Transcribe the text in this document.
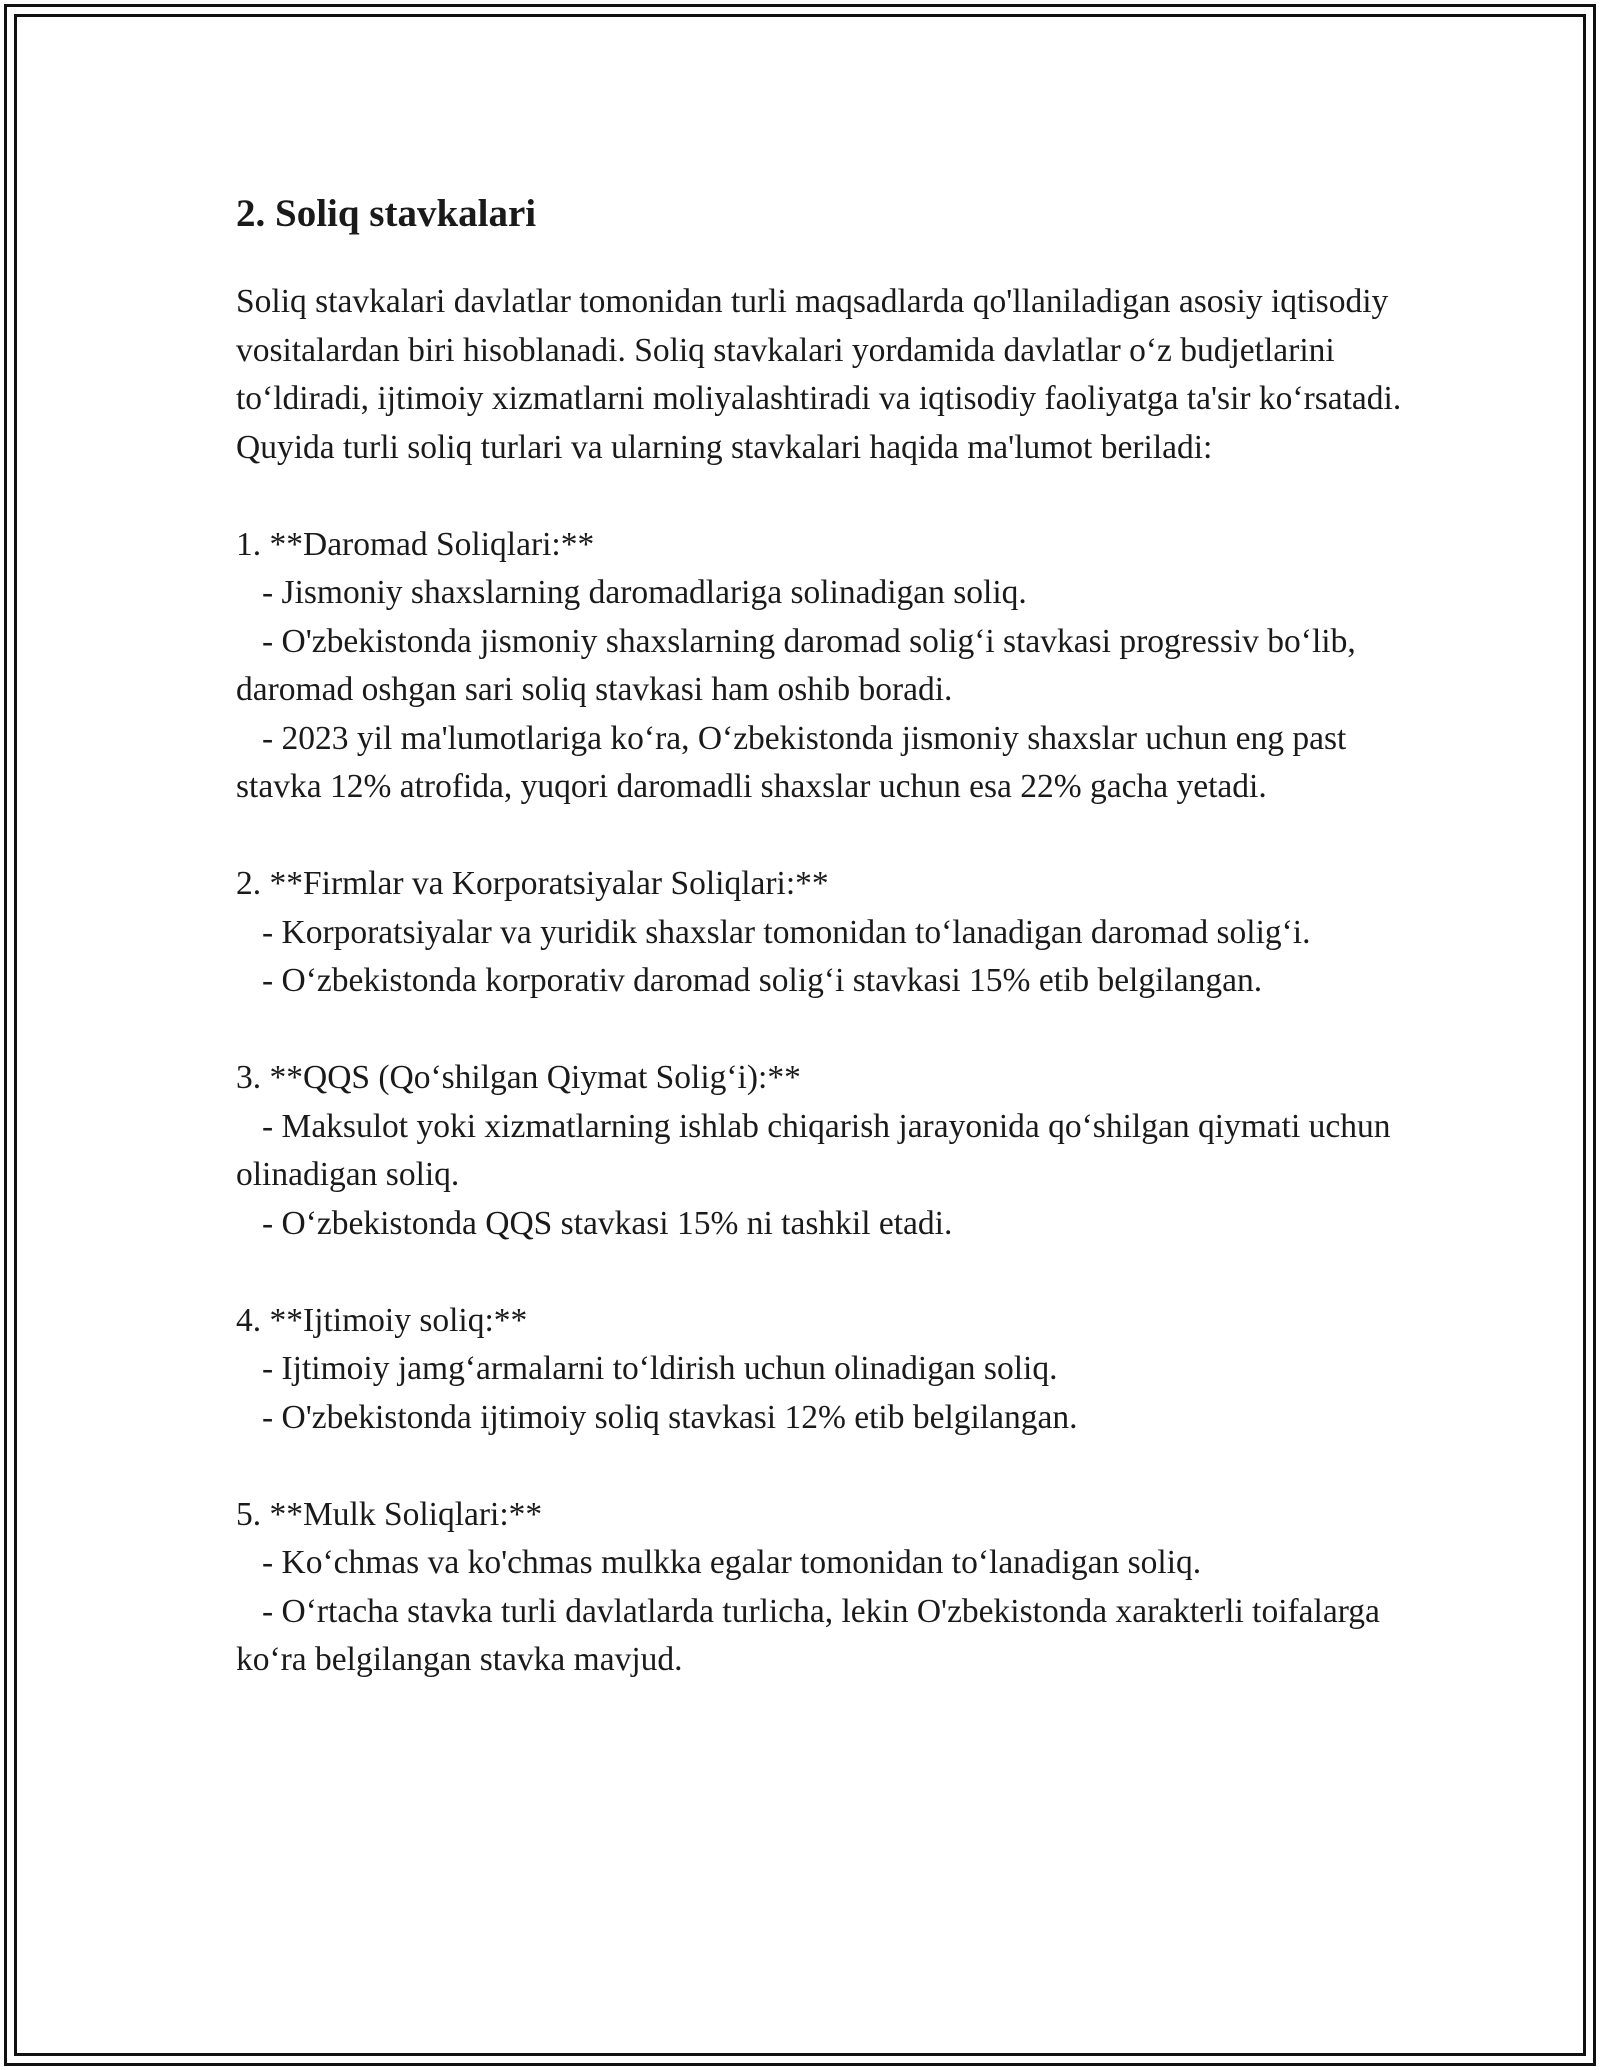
2. Soliq stavkalari

Soliq stavkalari davlatlar tomonidan turli maqsadlarda qo'llaniladigan asosiy iqtisodiy vositalardan biri hisoblanadi. Soliq stavkalari yordamida davlatlar o‘z budjetlarini to‘ldiradi, ijtimoiy xizmatlarni moliyalashtiradi va iqtisodiy faoliyatga ta'sir ko‘rsatadi. Quyida turli soliq turlari va ularning stavkalari haqida ma'lumot beriladi:

1. **Daromad Soliqlari:**

- Jismoniy shaxslarning daromadlariga solinadigan soliq.

- O'zbekistonda jismoniy shaxslarning daromad solig‘i stavkasi progressiv bo‘lib, daromad oshgan sari soliq stavkasi ham oshib boradi.

- 2023 yil ma'lumotlariga ko‘ra, O‘zbekistonda jismoniy shaxslar uchun eng past stavka 12% atrofida, yuqori daromadli shaxslar uchun esa 22% gacha yetadi.

2. **Firmlar va Korporatsiyalar Soliqlari:**

- Korporatsiyalar va yuridik shaxslar tomonidan to‘lanadigan daromad solig‘i.

- O‘zbekistonda korporativ daromad solig‘i stavkasi 15% etib belgilangan.

3. **QQS (Qo‘shilgan Qiymat Solig‘i):**

- Maksulot yoki xizmatlarning ishlab chiqarish jarayonida qo‘shilgan qiymati uchun olinadigan soliq.

- O‘zbekistonda QQS stavkasi 15% ni tashkil etadi.

4. **Ijtimoiy soliq:**

- Ijtimoiy jamg‘armalarni to‘ldirish uchun olinadigan soliq.

- O'zbekistonda ijtimoiy soliq stavkasi 12% etib belgilangan.

5. **Mulk Soliqlari:**

- Ko‘chmas va ko'chmas mulkka egalar tomonidan to‘lanadigan soliq.

- O‘rtacha stavka turli davlatlarda turlicha, lekin O'zbekistonda xarakterli toifalarga ko‘ra belgilangan stavka mavjud.
